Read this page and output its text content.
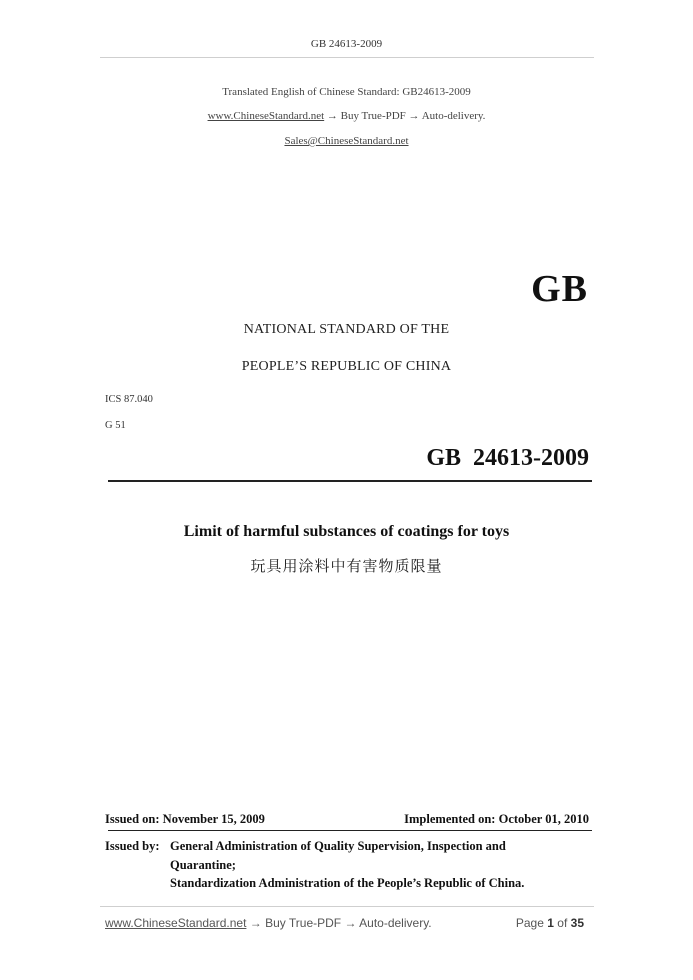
GB 24613-2009
Translated English of Chinese Standard: GB24613-2009
www.ChineseStandard.net → Buy True-PDF → Auto-delivery.
Sales@ChineseStandard.net
GB
NATIONAL STANDARD OF THE
PEOPLE’S REPUBLIC OF CHINA
ICS 87.040
G 51
GB  24613-2009
Limit of harmful substances of coatings for toys
玩具用涂料中有害物质限量
Issued on: November 15, 2009	Implemented on: October 01, 2010
Issued by: General Administration of Quality Supervision, Inspection and
Quarantine;
Standardization Administration of the People’s Republic of China.
www.ChineseStandard.net → Buy True-PDF → Auto-delivery.	Page 1 of 35
